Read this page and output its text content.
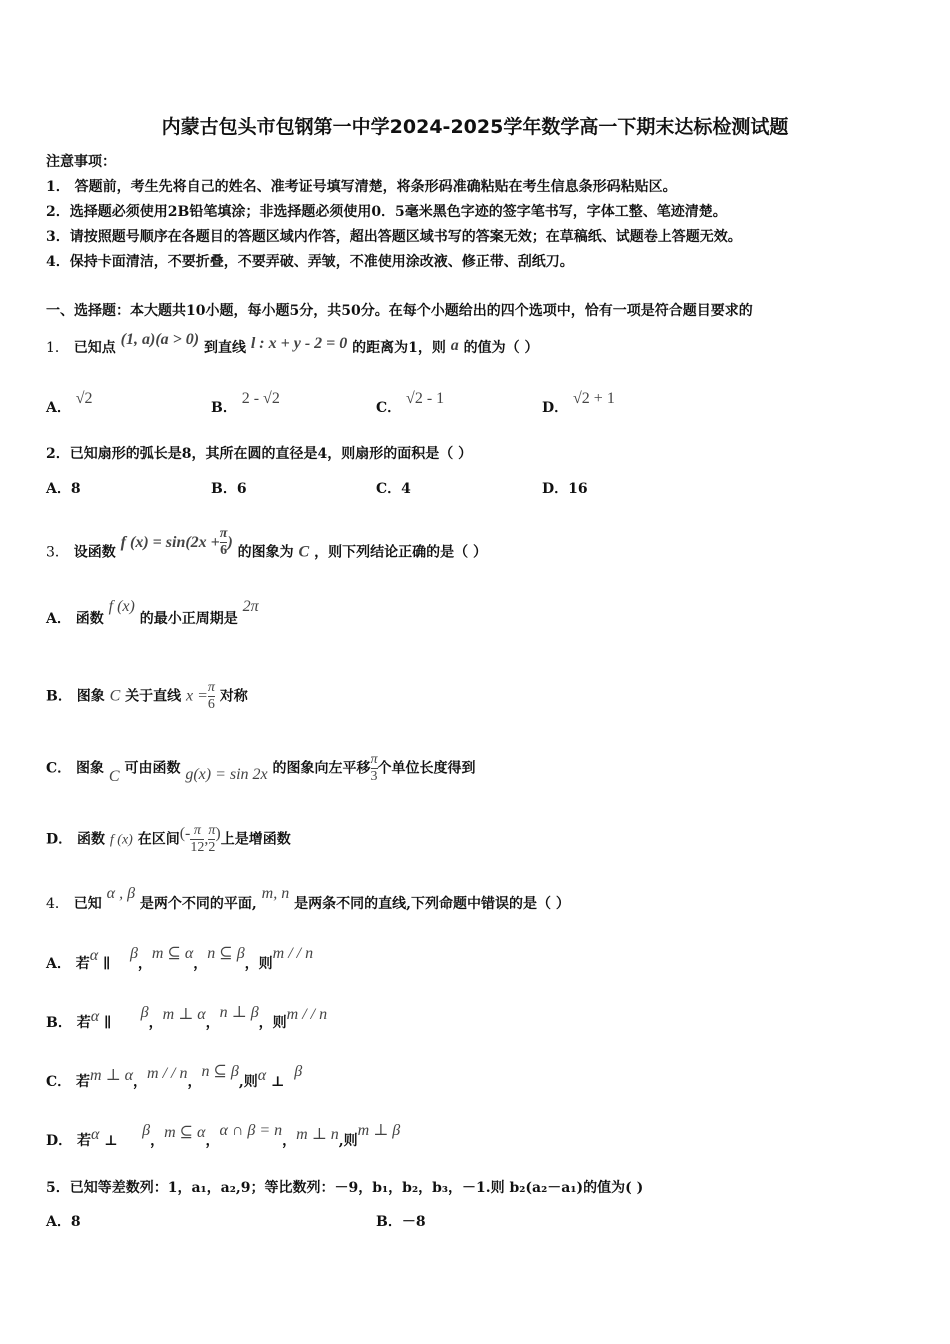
内蒙古包头市包钢第一中学2024-2025学年数学高一下期末达标检测试题
注意事项：
1． 答题前，考生先将自己的姓名、准考证号填写清楚，将条形码准确粘贴在考生信息条形码粘贴区。
2．选择题必须使用2B铅笔填涂；非选择题必须使用0．5毫米黑色字迹的签字笔书写，字体工整、笔迹清楚。
3．请按照题号顺序在各题目的答题区域内作答，超出答题区域书写的答案无效；在草稿纸、试题卷上答题无效。
4．保持卡面清洁，不要折叠，不要弄破、弄皱，不准使用涂改液、修正带、刮纸刀。
一、选择题：本大题共10小题，每小题5分，共50分。在每个小题给出的四个选项中，恰有一项是符合题目要求的
1． 已知点 (1, a)(a > 0) 到直线 l : x + y - 2 = 0 的距离为1，则 a 的值为（ ）
A． √2
B． 2 - √2
C． √2 - 1
D． √2 + 1
2．已知扇形的弧长是8，其所在圆的直径是4，则扇形的面积是（ ）
A．8	B．6	C．4	D．16
3． 设函数 f $(x) = \sin(2x + \frac{\pi}{6}$ ) 的图象为 C ，则下列结论正确的是（ ）
A． 函数 f (x) 的最小正周期是 2π
B． 图象 C 关于直线 $x = \frac{\pi}{6}$ 对称
C． 图象 C 可由函数 g(x) = sin 2x 的图象向左平移 $\frac{\pi}{3}$ 个单位长度得到
D． 函数 f (x) 在区间(- $\frac{\pi}{12}$ , $\frac{\pi}{2}$ )上是增函数
4． 已知 α , β 是两个不同的平面, m, n 是两条不同的直线,下列命题中错误的是（ ）
A． 若α ∥    β，m ⊆ α，n ⊆ β，则m / / n
B． 若α ∥      β，m ⊥ α，n ⊥ β，则m / / n
C． 若m ⊥ α，m / / n，n ⊆ β,则α ⊥  β
D． 若α ⊥     β，m ⊆ α，α ∩ β = n，m ⊥ n,则m ⊥ β
5．已知等差数列：1，a₁，a₂,9；等比数列：－9，b₁，b₂，b₃，－1.则 b₂(a₂－a₁)的值为( )
A．8	B．－8
